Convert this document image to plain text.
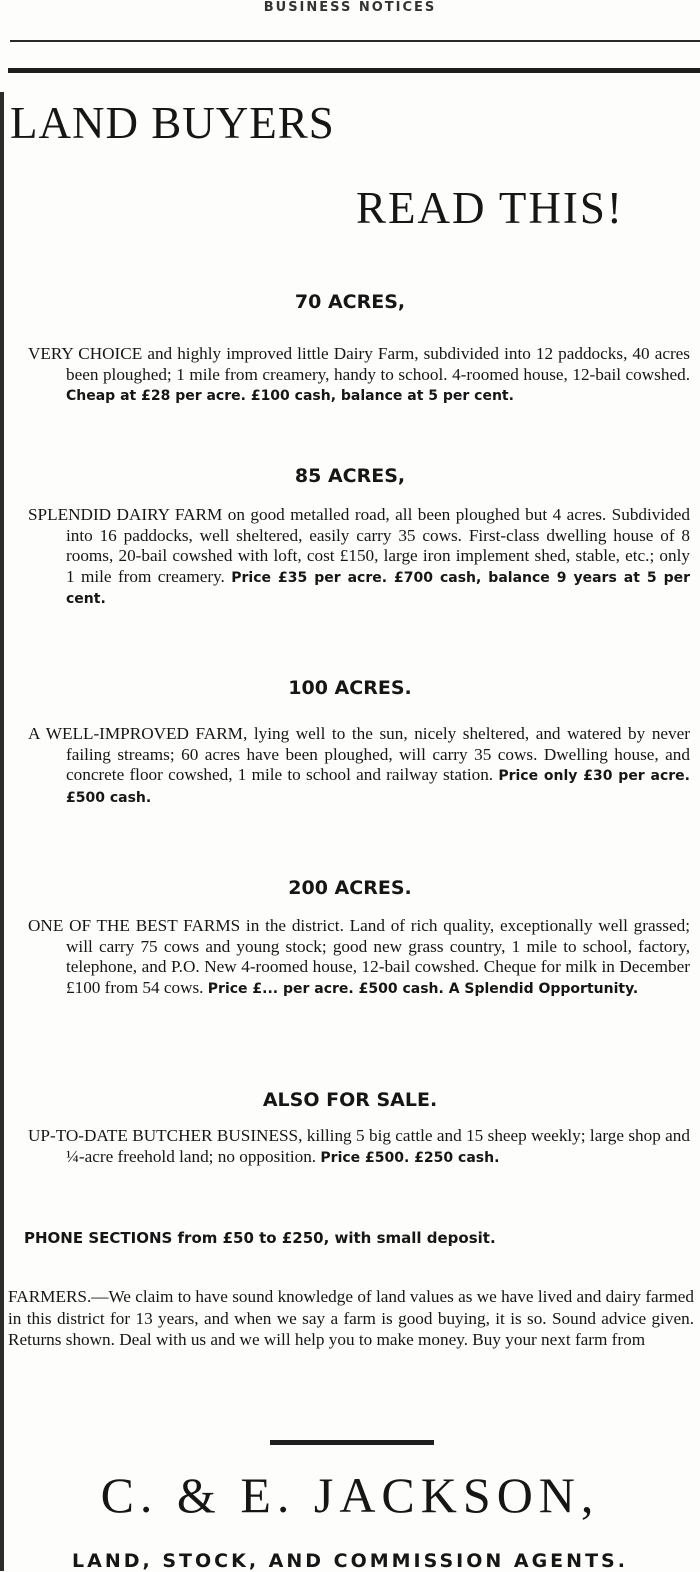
BUSINESS NOTICES
LAND BUYERS
READ THIS!
70 ACRES,
VERY CHOICE and highly improved little Dairy Farm, subdivided into 12 paddocks, 40 acres been ploughed; 1 mile from creamery, handy to school. 4-roomed house, 12-bail cowshed. Cheap at £28 per acre. £100 cash, balance at 5 per cent.
85 ACRES,
SPLENDID DAIRY FARM on good metalled road, all been ploughed but 4 acres. Subdivided into 16 paddocks, well sheltered, easily carry 35 cows. First-class dwelling house of 8 rooms, 20-bail cowshed with loft, cost £150, large iron implement shed, stable, etc.; only 1 mile from creamery. Price £35 per acre. £700 cash, balance 9 years at 5 per cent.
100 ACRES.
A WELL-IMPROVED FARM, lying well to the sun, nicely sheltered, and watered by never failing streams; 60 acres have been ploughed, will carry 35 cows. Dwelling house, and concrete floor cowshed, 1 mile to school and railway station. Price only £30 per acre. £500 cash.
200 ACRES.
ONE OF THE BEST FARMS in the district. Land of rich quality, exceptionally well grassed; will carry 75 cows and young stock; good new grass country, 1 mile to school, factory, telephone, and P.O. New 4-roomed house, 12-bail cowshed. Cheque for milk in December £100 from 54 cows. Price £... per acre. £500 cash. A Splendid Opportunity.
ALSO FOR SALE.
UP-TO-DATE BUTCHER BUSINESS, killing 5 big cattle and 15 sheep weekly; large shop and ¼-acre freehold land; no opposition. Price £500. £250 cash.
PHONE SECTIONS from £50 to £250, with small deposit.
FARMERS.—We claim to have sound knowledge of land values as we have lived and dairy farmed in this district for 13 years, and when we say a farm is good buying, it is so. Sound advice given. Returns shown. Deal with us and we will help you to make money. Buy your next farm from
C. & E. JACKSON,
LAND, STOCK, AND COMMISSION AGENTS.
